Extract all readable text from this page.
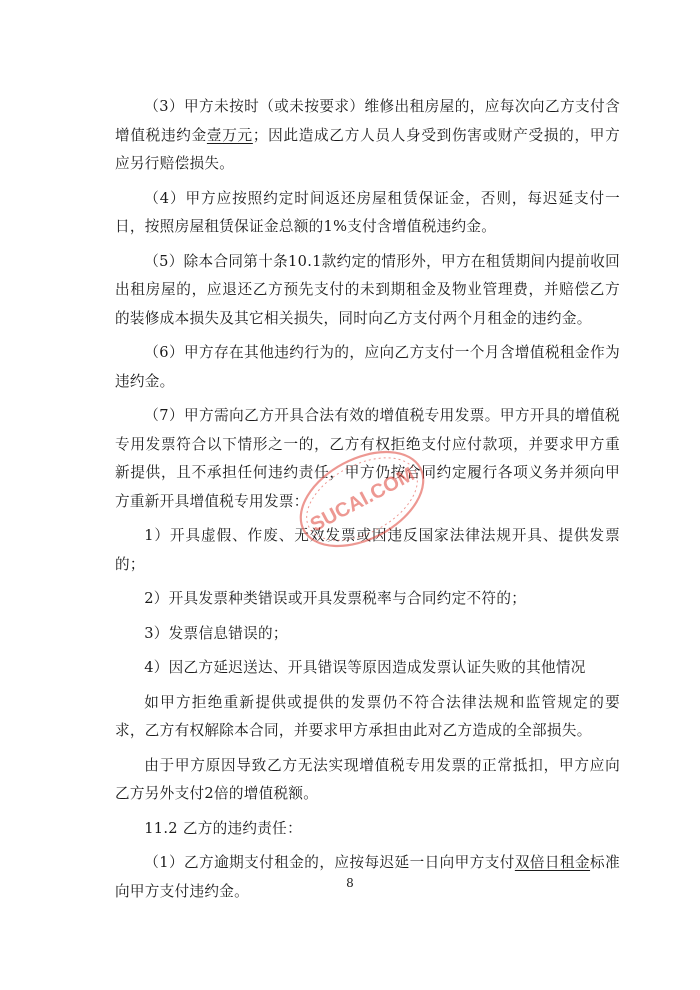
（3）甲方未按时（或未按要求）维修出租房屋的，应每次向乙方支付含增值税违约金壹万元；因此造成乙方人员人身受到伤害或财产受损的，甲方应另行赔偿损失。

（4）甲方应按照约定时间返还房屋租赁保证金，否则，每迟延支付一日，按照房屋租赁保证金总额的1%支付含增值税违约金。

（5）除本合同第十条10.1款约定的情形外，甲方在租赁期间内提前收回出租房屋的，应退还乙方预先支付的未到期租金及物业管理费，并赔偿乙方的装修成本损失及其它相关损失，同时向乙方支付两个月租金的违约金。

（6）甲方存在其他违约行为的，应向乙方支付一个月含增值税租金作为违约金。

（7）甲方需向乙方开具合法有效的增值税专用发票。甲方开具的增值税专用发票符合以下情形之一的，乙方有权拒绝支付应付款项，并要求甲方重新提供，且不承担任何违约责任，甲方仍按合同约定履行各项义务并须向甲方重新开具增值税专用发票：

1）开具虚假、作废、无效发票或因违反国家法律法规开具、提供发票的；

2）开具发票种类错误或开具发票税率与合同约定不符的；

3）发票信息错误的；

4）因乙方延迟送达、开具错误等原因造成发票认证失败的其他情况

如甲方拒绝重新提供或提供的发票仍不符合法律法规和监管规定的要求，乙方有权解除本合同，并要求甲方承担由此对乙方造成的全部损失。

由于甲方原因导致乙方无法实现增值税专用发票的正常抵扣，甲方应向乙方另外支付2倍的增值税额。

11.2 乙方的违约责任：

（1）乙方逾期支付租金的，应按每迟延一日向甲方支付双倍日租金标准向甲方支付违约金。

SUCAI.COM
8
